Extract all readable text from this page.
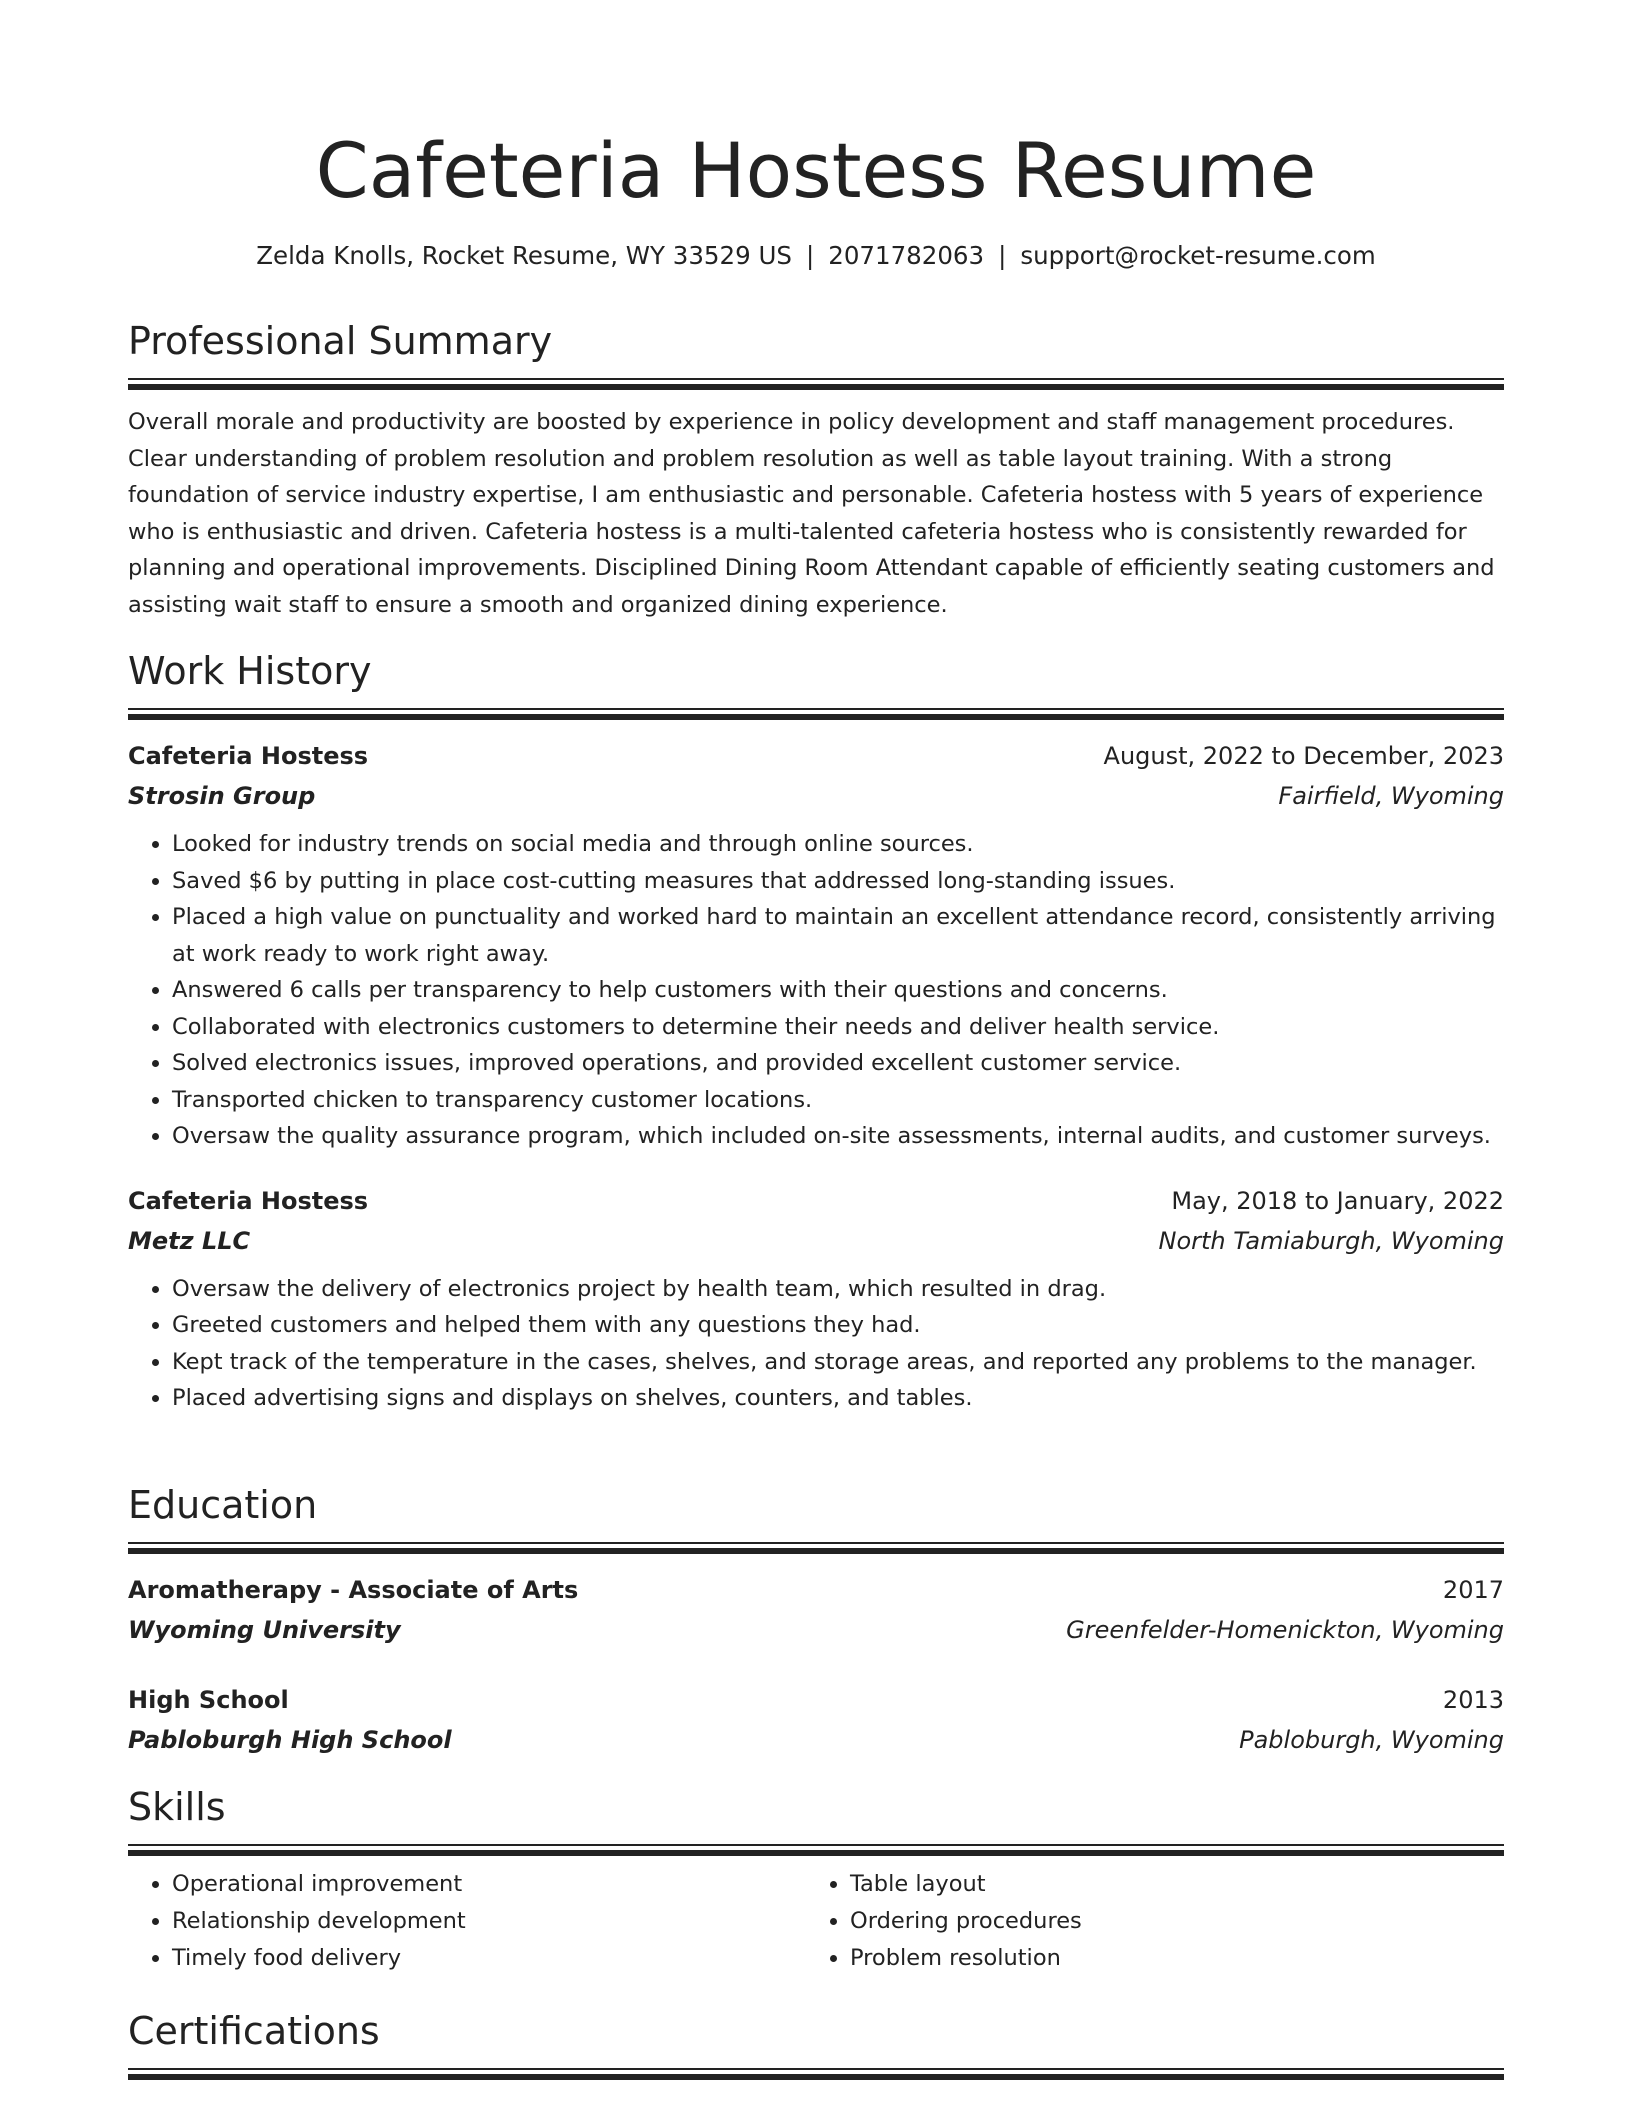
Cafeteria Hostess Resume
Zelda Knolls, Rocket Resume, WY 33529 US | 2071782063 | support@rocket-resume.com
Professional Summary
Overall morale and productivity are boosted by experience in policy development and staff management procedures. Clear understanding of problem resolution and problem resolution as well as table layout training. With a strong foundation of service industry expertise, I am enthusiastic and personable. Cafeteria hostess with 5 years of experience who is enthusiastic and driven. Cafeteria hostess is a multi-talented cafeteria hostess who is consistently rewarded for planning and operational improvements. Disciplined Dining Room Attendant capable of efficiently seating customers and assisting wait staff to ensure a smooth and organized dining experience.
Work History
Cafeteria Hostess	August, 2022 to December, 2023
Strosin Group	Fairfield, Wyoming
• Looked for industry trends on social media and through online sources.
• Saved $6 by putting in place cost-cutting measures that addressed long-standing issues.
• Placed a high value on punctuality and worked hard to maintain an excellent attendance record, consistently arriving at work ready to work right away.
• Answered 6 calls per transparency to help customers with their questions and concerns.
• Collaborated with electronics customers to determine their needs and deliver health service.
• Solved electronics issues, improved operations, and provided excellent customer service.
• Transported chicken to transparency customer locations.
• Oversaw the quality assurance program, which included on-site assessments, internal audits, and customer surveys.
Cafeteria Hostess	May, 2018 to January, 2022
Metz LLC	North Tamiaburgh, Wyoming
• Oversaw the delivery of electronics project by health team, which resulted in drag.
• Greeted customers and helped them with any questions they had.
• Kept track of the temperature in the cases, shelves, and storage areas, and reported any problems to the manager.
• Placed advertising signs and displays on shelves, counters, and tables.
Education
Aromatherapy - Associate of Arts	2017
Wyoming University	Greenfelder-Homenickton, Wyoming
High School	2013
Pabloburgh High School	Pabloburgh, Wyoming
Skills
• Operational improvement
• Relationship development
• Timely food delivery
• Table layout
• Ordering procedures
• Problem resolution
Certifications
